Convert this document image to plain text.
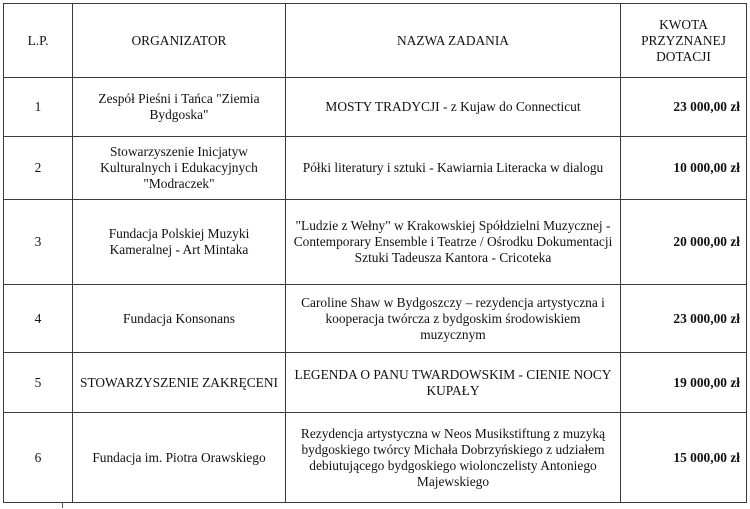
L.P.	ORGANIZATOR	NAZWA ZADANIA	KWOTA PRZYZNANEJ DOTACJI
1	Zespół Pieśni i Tańca "Ziemia Bydgoska"	MOSTY TRADYCJI - z Kujaw do Connecticut	23 000,00 zł
2	Stowarzyszenie Inicjatyw Kulturalnych i Edukacyjnych "Modraczek"	Półki literatury i sztuki - Kawiarnia Literacka w dialogu	10 000,00 zł
3	Fundacja Polskiej Muzyki Kameralnej - Art Mintaka	"Ludzie z Wełny" w Krakowskiej Spółdzielni Muzycznej - Contemporary Ensemble i Teatrze / Ośrodku Dokumentacji Sztuki Tadeusza Kantora - Cricoteka	20 000,00 zł
4	Fundacja Konsonans	Caroline Shaw w Bydgoszczy – rezydencja artystyczna i kooperacja twórcza z bydgoskim środowiskiem muzycznym	23 000,00 zł
5	STOWARZYSZENIE ZAKRĘCENI	LEGENDA O PANU TWARDOWSKIM - CIENIE NOCY KUPAŁY	19 000,00 zł
6	Fundacja im. Piotra Orawskiego	Rezydencja artystyczna w Neos Musikstiftung z muzyką bydgoskiego twórcy Michała Dobrzyńskiego z udziałem debiutującego bydgoskiego wiolonczelisty Antoniego Majewskiego	15 000,00 zł
